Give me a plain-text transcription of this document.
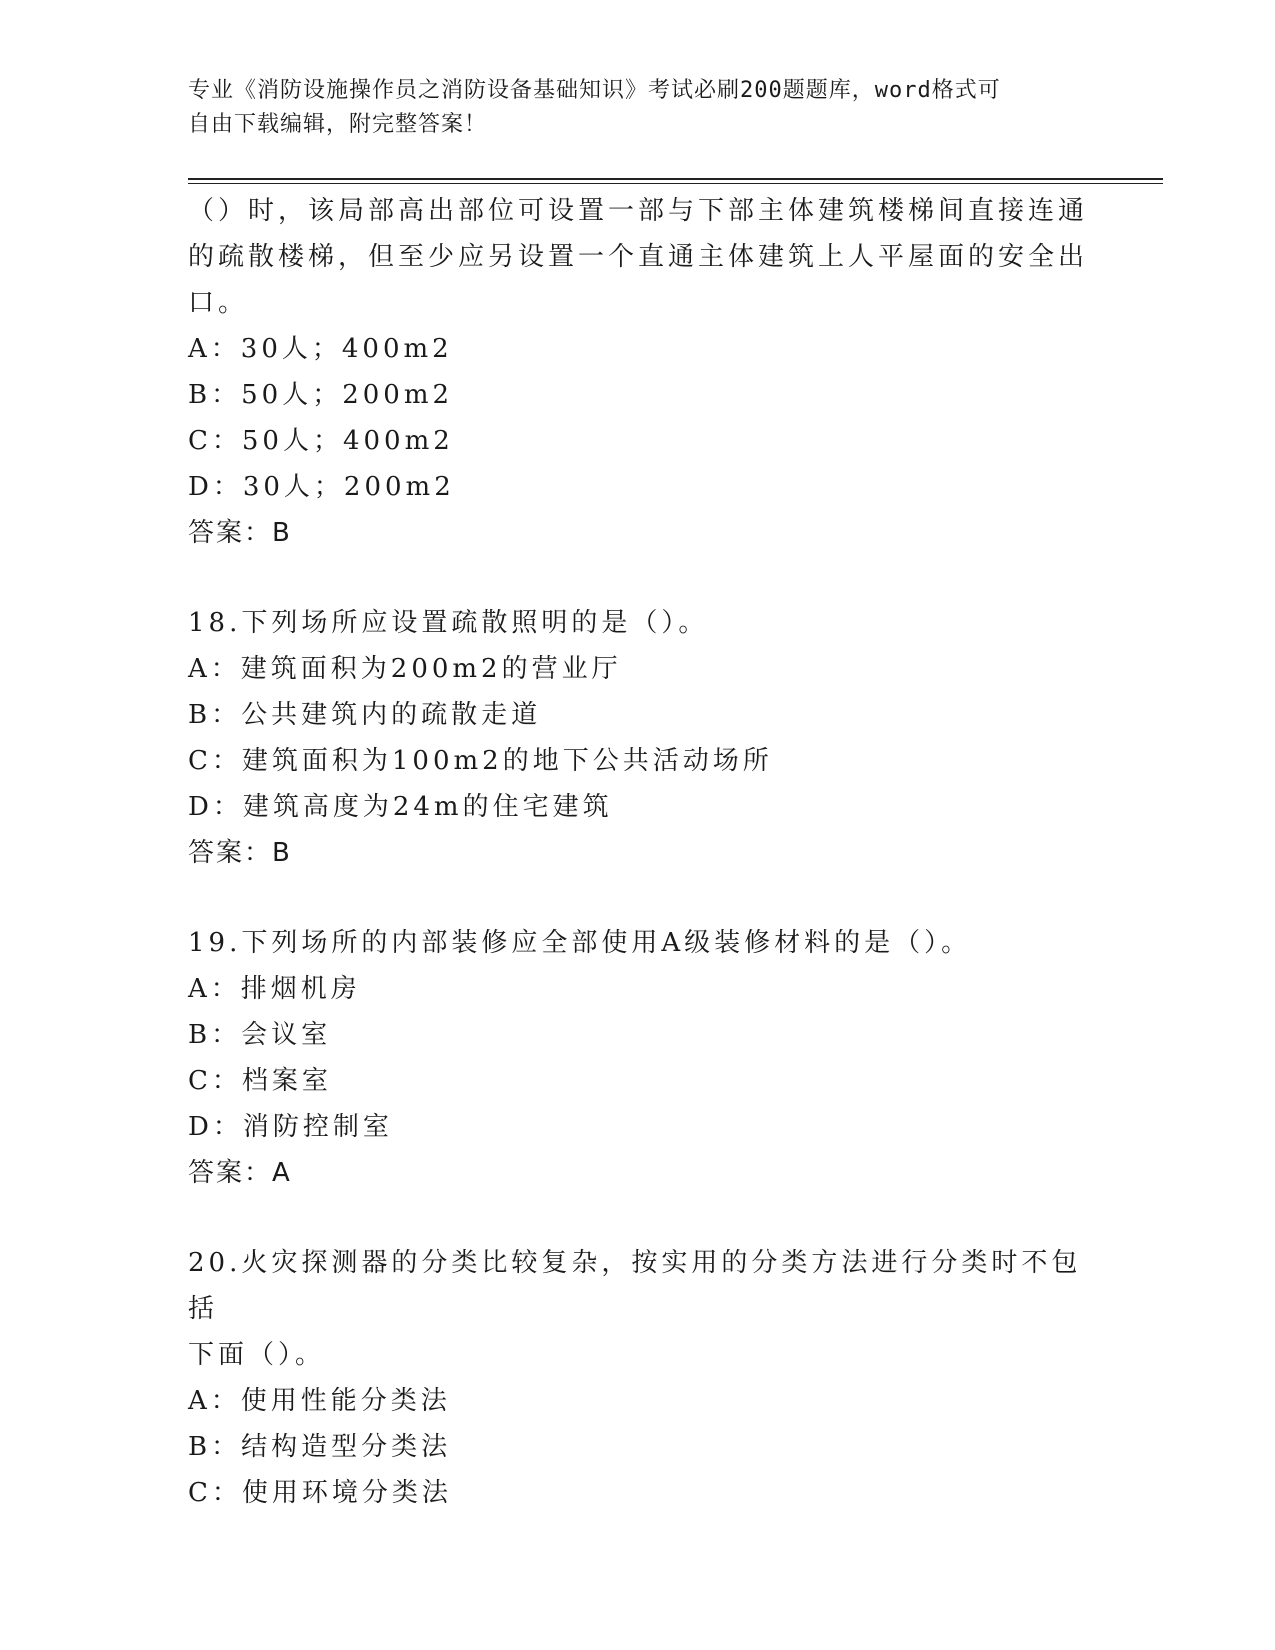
专业《消防设施操作员之消防设备基础知识》考试必刷200题题库，word格式可
自由下载编辑，附完整答案！

（）时，该局部高出部位可设置一部与下部主体建筑楼梯间直接连通

的疏散楼梯，但至少应另设置一个直通主体建筑上人平屋面的安全出

口。

A：30人；400m2

B：50人；200m2

C：50人；400m2

D：30人；200m2

答案：B

18.下列场所应设置疏散照明的是（）。

A：建筑面积为200m2的营业厅

B：公共建筑内的疏散走道

C：建筑面积为100m2的地下公共活动场所

D：建筑高度为24m的住宅建筑

答案：B

19.下列场所的内部装修应全部使用A级装修材料的是（）。

A：排烟机房

B：会议室

C：档案室

D：消防控制室

答案：A

20.火灾探测器的分类比较复杂，按实用的分类方法进行分类时不包括

下面（）。

A：使用性能分类法

B：结构造型分类法

C：使用环境分类法
